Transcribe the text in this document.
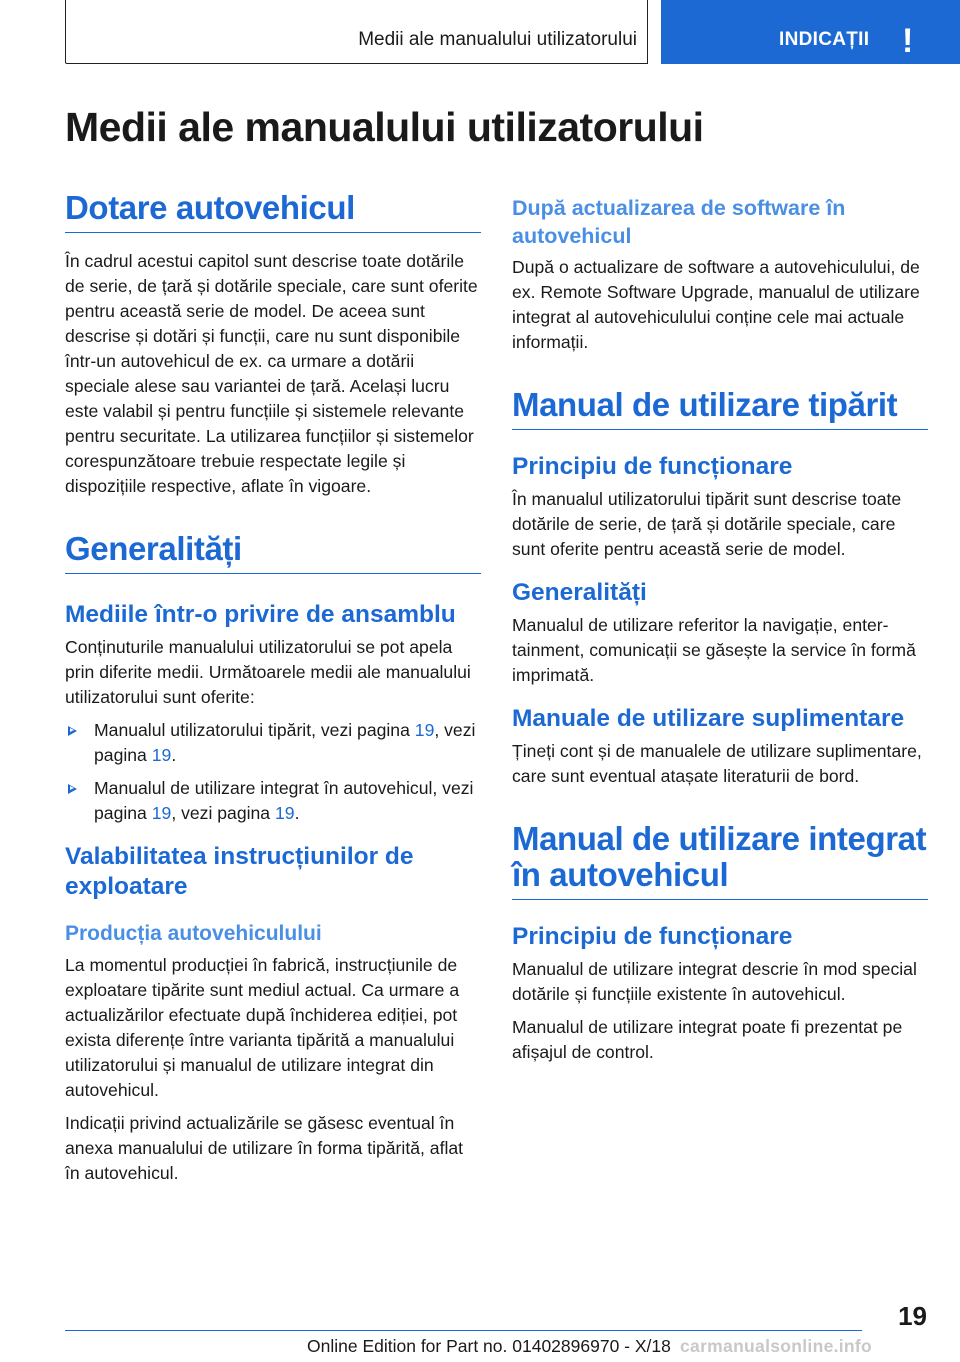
Medii ale manualului utilizatorului	INDICAȚII !
Medii ale manualului utilizatorului
Dotare autovehicul

În cadrul acestui capitol sunt descrise toate dotările de serie, de țară și dotările speciale, care sunt oferite pentru această serie de model. De aceea sunt descrise și dotări și funcții, care nu sunt disponibile într-un autovehicul de ex. ca urmare a dotării speciale alese sau variantei de țară. Același lucru este valabil și pentru funcțiile și sistemele relevante pentru securitate. La utilizarea funcțiilor și sistemelor corespunzătoare trebuie respectate legile și dispozițiile respective, aflate în vigoare.

Generalități
Mediile într-o privire de ansamblu

Conținuturile manualului utilizatorului se pot apela prin diferite medii. Următoarele medii ale manualului utilizatorului sunt oferite:

Manualul utilizatorului tipărit, vezi pagina 19, vezi pagina 19.
Manualul de utilizare integrat în autovehicul, vezi pagina 19, vezi pagina 19.
Valabilitatea instrucțiunilor de exploatare
Producția autovehiculului

La momentul producției în fabrică, instrucțiunile de exploatare tipărite sunt mediul actual. Ca urmare a actualizărilor efectuate după închiderea ediției, pot exista diferențe între varianta tipărită a manualului utilizatorului și manualul de utilizare integrat din autovehicul.

Indicații privind actualizările se găsesc eventual în anexa manualului de utilizare în forma tipărită, aflat în autovehicul.

După actualizarea de software în autovehicul

După o actualizare de software a autovehiculului, de ex. Remote Software Upgrade, manualul de utilizare integrat al autovehiculului conține cele mai actuale informații.

Manual de utilizare tipărit
Principiu de funcționare

În manualul utilizatorului tipărit sunt descrise toate dotările de serie, de țară și dotările speciale, care sunt oferite pentru această serie de model.

Generalități

Manualul de utilizare referitor la navigație, entertainment, comunicații se găsește la service în formă imprimată.

Manuale de utilizare suplimentare

Țineți cont și de manualele de utilizare suplimentare, care sunt eventual atașate literaturii de bord.

Manual de utilizare integrat în autovehicul
Principiu de funcționare

Manualul de utilizare integrat descrie în mod special dotările și funcțiile existente în autovehicul.

Manualul de utilizare integrat poate fi prezentat pe afișajul de control.

19
Online Edition for Part no. 01402896970 - X/18 carmanualsonline.info
